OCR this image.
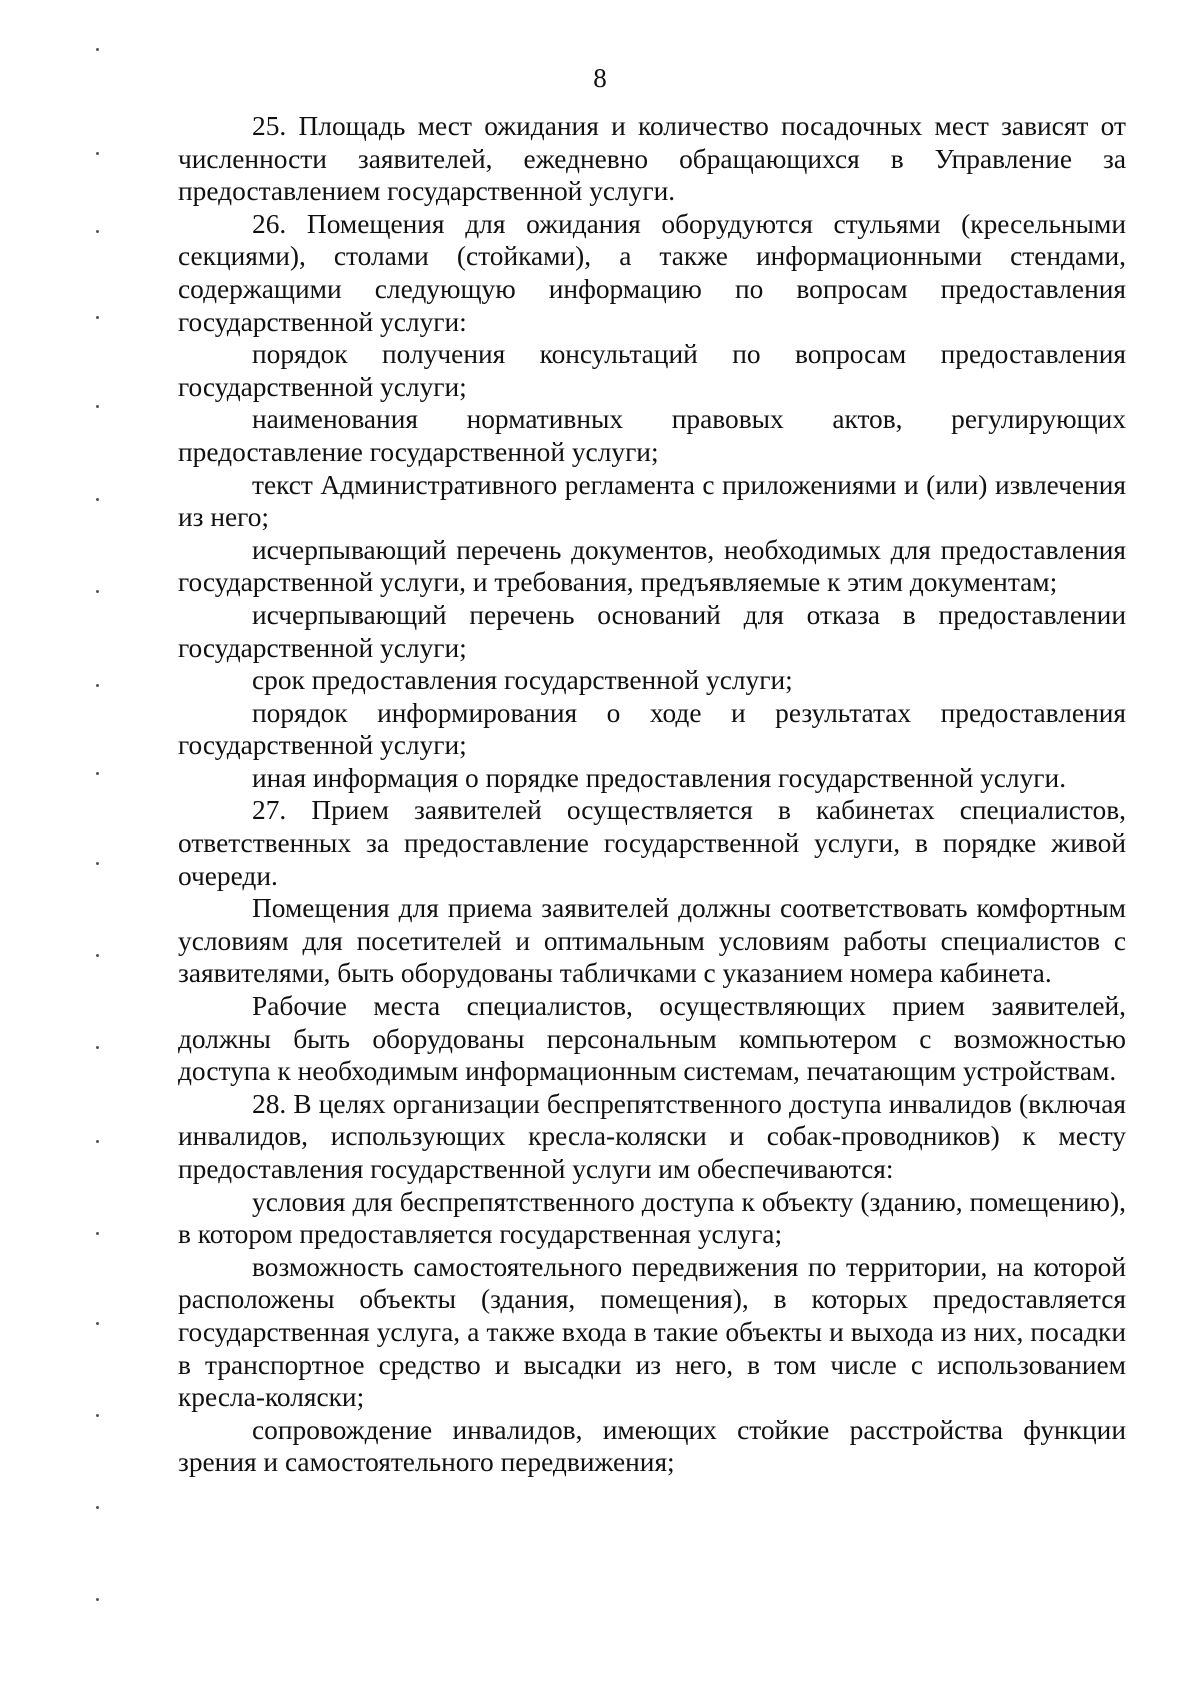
8

25. Площадь мест ожидания и количество посадочных мест зависят от численности заявителей, ежедневно обращающихся в Управление за предоставлением государственной услуги.

26. Помещения для ожидания оборудуются стульями (кресельными секциями), столами (стойками), а также информационными стендами, содержащими следующую информацию по вопросам предоставления государственной услуги:

порядок получения консультаций по вопросам предоставления государственной услуги;

наименования нормативных правовых актов, регулирующих предоставление государственной услуги;

текст Административного регламента с приложениями и (или) извлечения из него;

исчерпывающий перечень документов, необходимых для предоставления государственной услуги, и требования, предъявляемые к этим документам;

исчерпывающий перечень оснований для отказа в предоставлении государственной услуги;

срок предоставления государственной услуги;

порядок информирования о ходе и результатах предоставления государственной услуги;

иная информация о порядке предоставления государственной услуги.

27. Прием заявителей осуществляется в кабинетах специалистов, ответственных за предоставление государственной услуги, в порядке живой очереди.

Помещения для приема заявителей должны соответствовать комфортным условиям для посетителей и оптимальным условиям работы специалистов с заявителями, быть оборудованы табличками с указанием номера кабинета.

Рабочие места специалистов, осуществляющих прием заявителей, должны быть оборудованы персональным компьютером с возможностью доступа к необходимым информационным системам, печатающим устройствам.

28. В целях организации беспрепятственного доступа инвалидов (включая инвалидов, использующих кресла-коляски и собак-проводников) к месту предоставления государственной услуги им обеспечиваются:

условия для беспрепятственного доступа к объекту (зданию, помещению), в котором предоставляется государственная услуга;

возможность самостоятельного передвижения по территории, на которой расположены объекты (здания, помещения), в которых предоставляется государственная услуга, а также входа в такие объекты и выхода из них, посадки в транспортное средство и высадки из него, в том числе с использованием кресла-коляски;

сопровождение инвалидов, имеющих стойкие расстройства функции зрения и самостоятельного передвижения;
